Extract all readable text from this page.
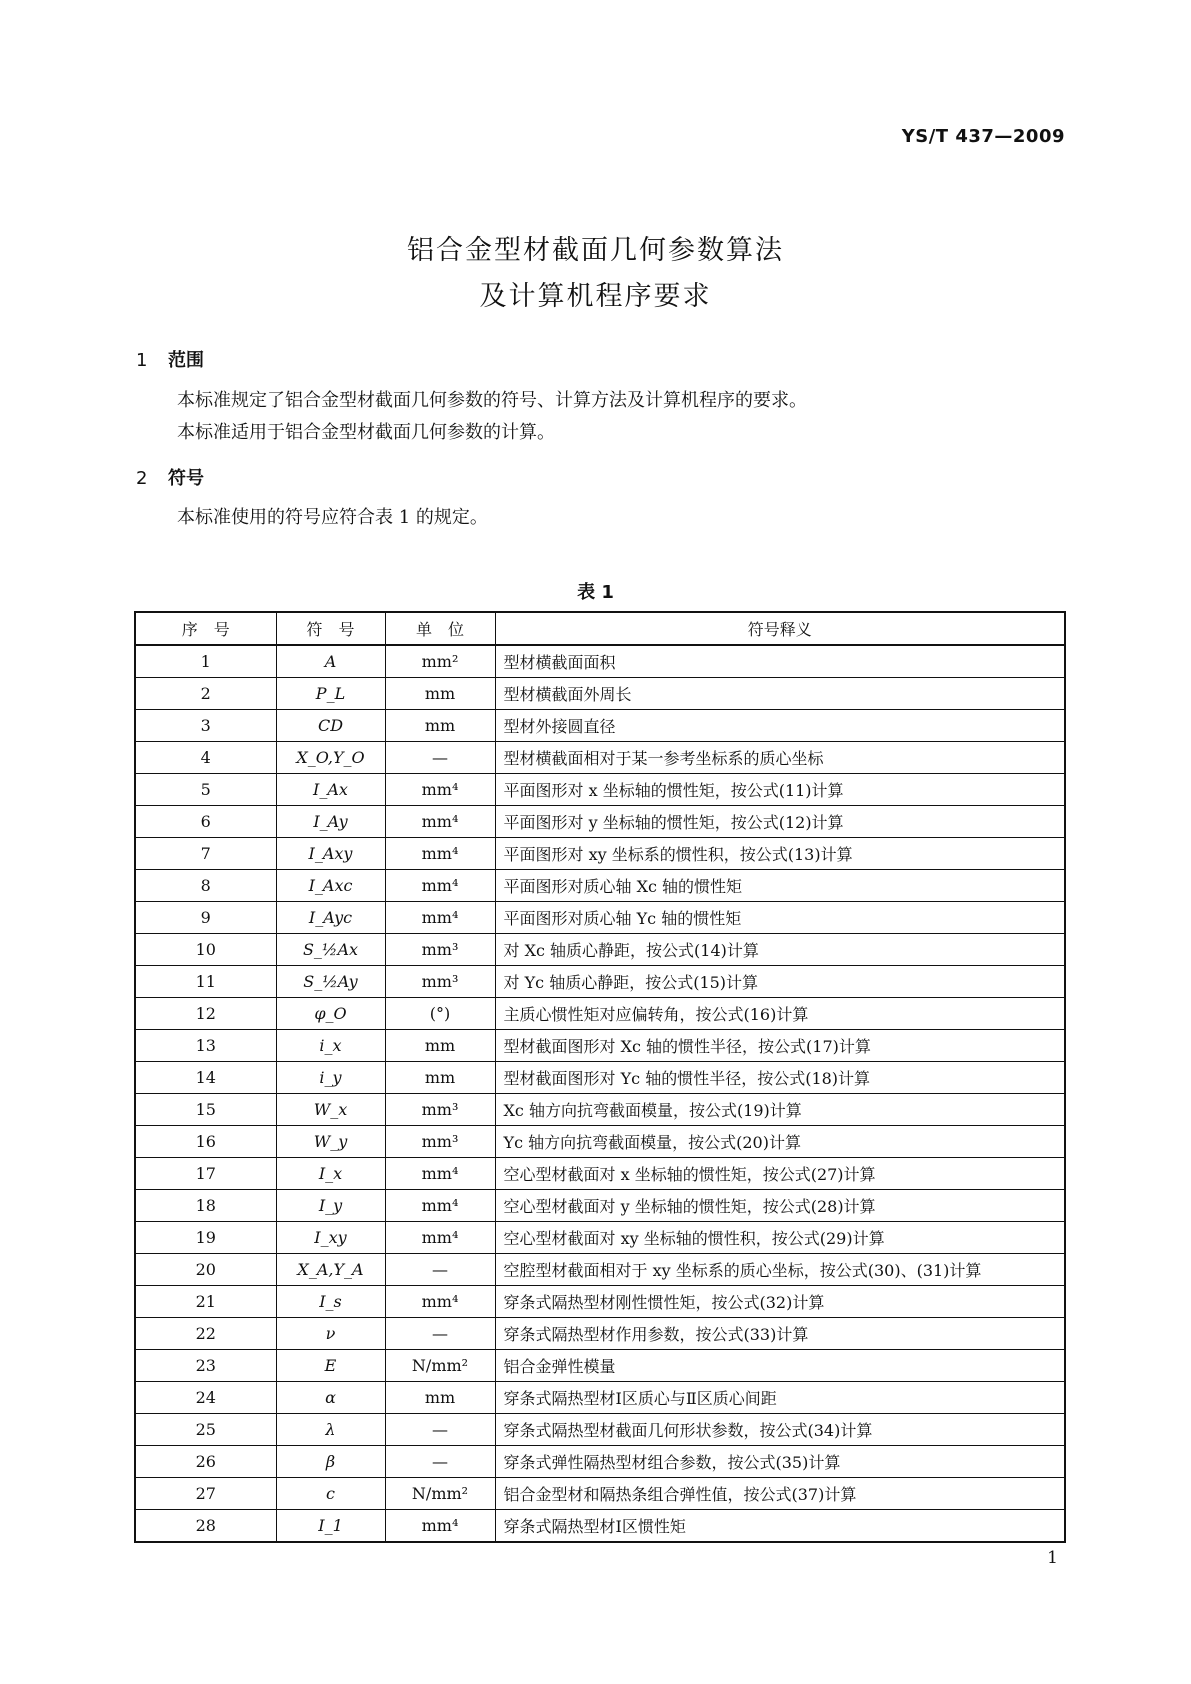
YS/T 437—2009
铝合金型材截面几何参数算法
及计算机程序要求
1 范围
本标准规定了铝合金型材截面几何参数的符号、计算方法及计算机程序的要求。
本标准适用于铝合金型材截面几何参数的计算。
2 符号
本标准使用的符号应符合表 1 的规定。
表 1
序　号	符　号	单　位	符号释义
1	A	mm²	型材横截面面积
2	P_L	mm	型材横截面外周长
3	CD	mm	型材外接圆直径
4	X_O,Y_O	—	型材横截面相对于某一参考坐标系的质心坐标
5	I_Ax	mm⁴	平面图形对 x 坐标轴的惯性矩，按公式(11)计算
6	I_Ay	mm⁴	平面图形对 y 坐标轴的惯性矩，按公式(12)计算
7	I_Axy	mm⁴	平面图形对 xy 坐标系的惯性积，按公式(13)计算
8	I_Axc	mm⁴	平面图形对质心轴 Xc 轴的惯性矩
9	I_Ayc	mm⁴	平面图形对质心轴 Yc 轴的惯性矩
10	S_½Ax	mm³	对 Xc 轴质心静距，按公式(14)计算
11	S_½Ay	mm³	对 Yc 轴质心静距，按公式(15)计算
12	φ_O	(°)	主质心惯性矩对应偏转角，按公式(16)计算
13	i_x	mm	型材截面图形对 Xc 轴的惯性半径，按公式(17)计算
14	i_y	mm	型材截面图形对 Yc 轴的惯性半径，按公式(18)计算
15	W_x	mm³	Xc 轴方向抗弯截面模量，按公式(19)计算
16	W_y	mm³	Yc 轴方向抗弯截面模量，按公式(20)计算
17	I_x	mm⁴	空心型材截面对 x 坐标轴的惯性矩，按公式(27)计算
18	I_y	mm⁴	空心型材截面对 y 坐标轴的惯性矩，按公式(28)计算
19	I_xy	mm⁴	空心型材截面对 xy 坐标轴的惯性积，按公式(29)计算
20	X_A,Y_A	—	空腔型材截面相对于 xy 坐标系的质心坐标，按公式(30)、(31)计算
21	I_s	mm⁴	穿条式隔热型材刚性惯性矩，按公式(32)计算
22	ν	—	穿条式隔热型材作用参数，按公式(33)计算
23	E	N/mm²	铝合金弹性模量
24	α	mm	穿条式隔热型材Ⅰ区质心与Ⅱ区质心间距
25	λ	—	穿条式隔热型材截面几何形状参数，按公式(34)计算
26	β	—	穿条式弹性隔热型材组合参数，按公式(35)计算
27	c	N/mm²	铝合金型材和隔热条组合弹性值，按公式(37)计算
28	I_1	mm⁴	穿条式隔热型材Ⅰ区惯性矩
1
